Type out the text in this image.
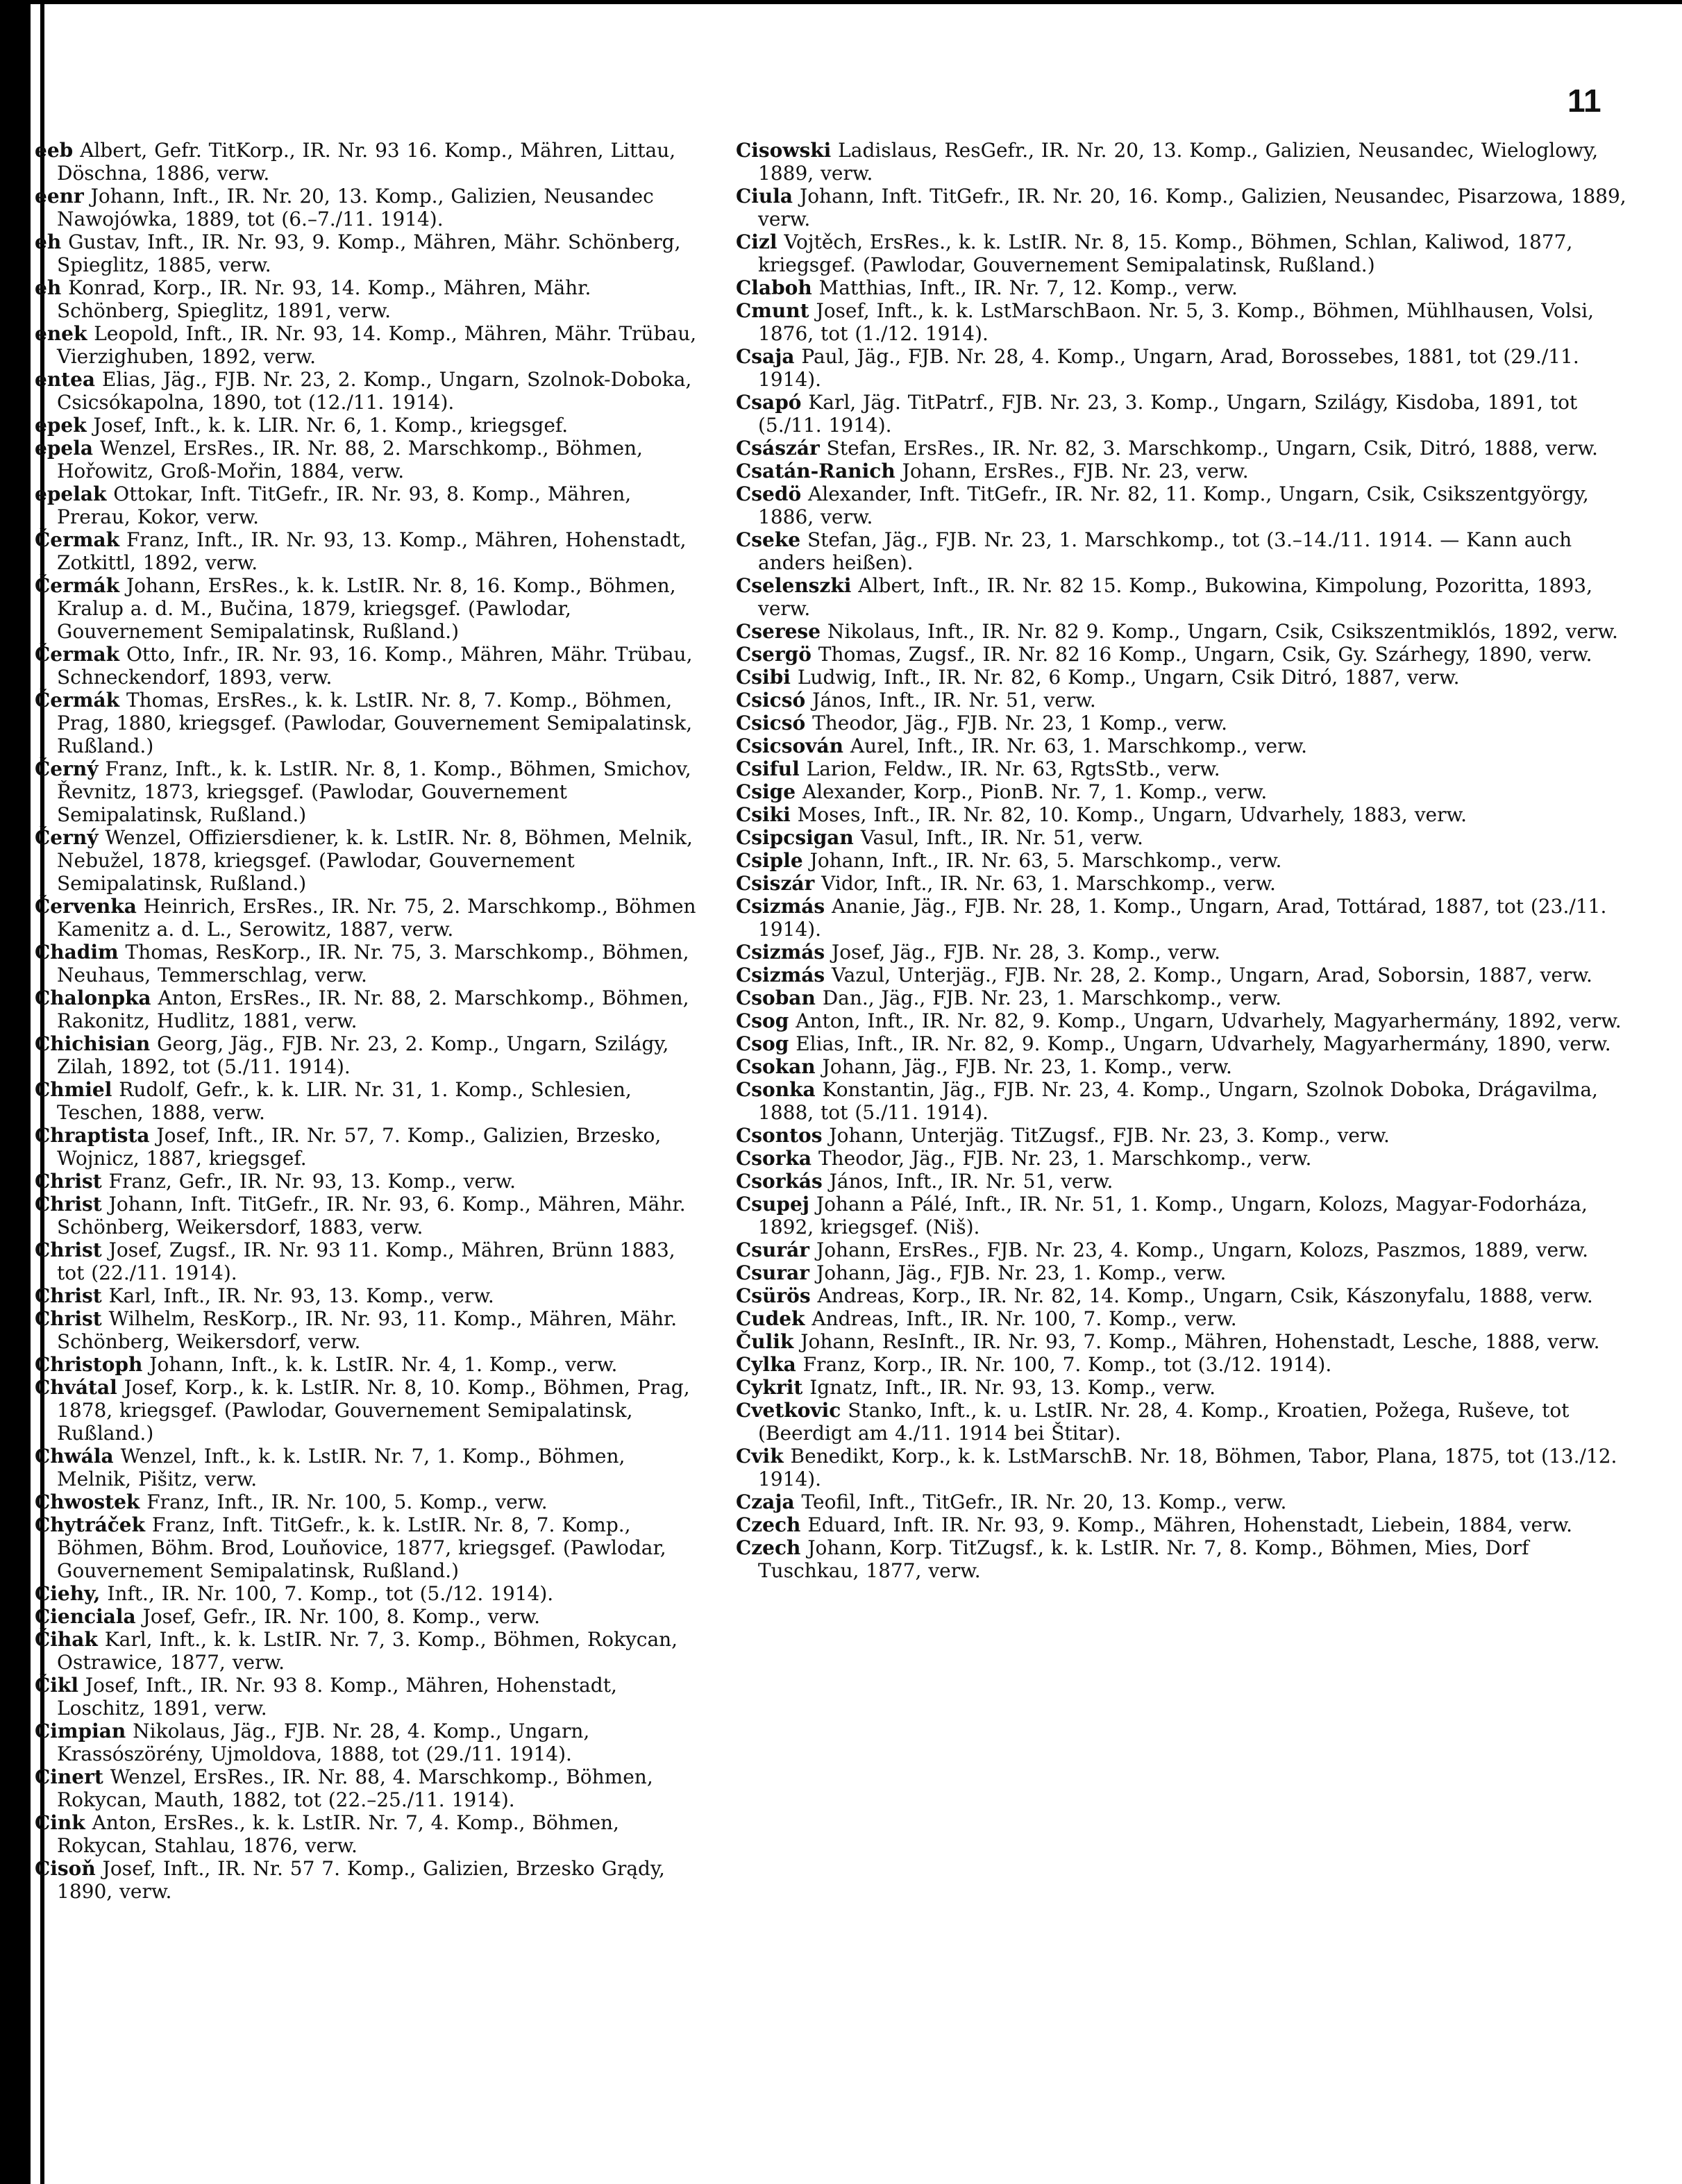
11

eeb Albert, Gefr. TitKorp., IR. Nr. 93 16. Komp., Mähren, Littau, Döschna, 1886, verw.

eenr Johann, Inft., IR. Nr. 20, 13. Komp., Galizien, Neusandec Nawojówka, 1889, tot (6.–7./11. 1914).

eh Gustav, Inft., IR. Nr. 93, 9. Komp., Mähren, Mähr. Schönberg, Spieglitz, 1885, verw.

eh Konrad, Korp., IR. Nr. 93, 14. Komp., Mähren, Mähr. Schönberg, Spieglitz, 1891, verw.

enek Leopold, Inft., IR. Nr. 93, 14. Komp., Mähren, Mähr. Trübau, Vierzighuben, 1892, verw.

entea Elias, Jäg., FJB. Nr. 23, 2. Komp., Ungarn, Szolnok-Doboka, Csicsókapolna, 1890, tot (12./11. 1914).

epek Josef, Inft., k. k. LIR. Nr. 6, 1. Komp., kriegsgef.

epela Wenzel, ErsRes., IR. Nr. 88, 2. Marschkomp., Böhmen, Hořowitz, Groß-Mořin, 1884, verw.

epelak Ottokar, Inft. TitGefr., IR. Nr. 93, 8. Komp., Mähren, Prerau, Kokor, verw.

Čermak Franz, Inft., IR. Nr. 93, 13. Komp., Mähren, Hohenstadt, Zotkittl, 1892, verw.

Čermák Johann, ErsRes., k. k. LstIR. Nr. 8, 16. Komp., Böhmen, Kralup a. d. M., Bučina, 1879, kriegsgef. (Pawlodar, Gouvernement Semipalatinsk, Rußland.)

Čermak Otto, Infr., IR. Nr. 93, 16. Komp., Mähren, Mähr. Trübau, Schneckendorf, 1893, verw.

Čermák Thomas, ErsRes., k. k. LstIR. Nr. 8, 7. Komp., Böhmen, Prag, 1880, kriegsgef. (Pawlodar, Gouvernement Semipalatinsk, Rußland.)

Černý Franz, Inft., k. k. LstIR. Nr. 8, 1. Komp., Böhmen, Smichov, Řevnitz, 1873, kriegsgef. (Pawlodar, Gouvernement Semipalatinsk, Rußland.)

Černý Wenzel, Offiziersdiener, k. k. LstIR. Nr. 8, Böhmen, Melnik, Nebužel, 1878, kriegsgef. (Pawlodar, Gouvernement Semipalatinsk, Rußland.)

Červenka Heinrich, ErsRes., IR. Nr. 75, 2. Marschkomp., Böhmen Kamenitz a. d. L., Serowitz, 1887, verw.

Chadim Thomas, ResKorp., IR. Nr. 75, 3. Marschkomp., Böhmen, Neuhaus, Temmerschlag, verw.

Chalonpka Anton, ErsRes., IR. Nr. 88, 2. Marschkomp., Böhmen, Rakonitz, Hudlitz, 1881, verw.

Chichisian Georg, Jäg., FJB. Nr. 23, 2. Komp., Ungarn, Szilágy, Zilah, 1892, tot (5./11. 1914).

Chmiel Rudolf, Gefr., k. k. LIR. Nr. 31, 1. Komp., Schlesien, Teschen, 1888, verw.

Chraptista Josef, Inft., IR. Nr. 57, 7. Komp., Galizien, Brzesko, Wojnicz, 1887, kriegsgef.

Christ Franz, Gefr., IR. Nr. 93, 13. Komp., verw.

Christ Johann, Inft. TitGefr., IR. Nr. 93, 6. Komp., Mähren, Mähr. Schönberg, Weikersdorf, 1883, verw.

Christ Josef, Zugsf., IR. Nr. 93 11. Komp., Mähren, Brünn 1883, tot (22./11. 1914).

Christ Karl, Inft., IR. Nr. 93, 13. Komp., verw.

Christ Wilhelm, ResKorp., IR. Nr. 93, 11. Komp., Mähren, Mähr. Schönberg, Weikersdorf, verw.

Christoph Johann, Inft., k. k. LstIR. Nr. 4, 1. Komp., verw.

Chvátal Josef, Korp., k. k. LstIR. Nr. 8, 10. Komp., Böhmen, Prag, 1878, kriegsgef. (Pawlodar, Gouvernement Semipalatinsk, Rußland.)

Chwála Wenzel, Inft., k. k. LstIR. Nr. 7, 1. Komp., Böhmen, Melnik, Pišitz, verw.

Chwostek Franz, Inft., IR. Nr. 100, 5. Komp., verw.

Chytráček Franz, Inft. TitGefr., k. k. LstIR. Nr. 8, 7. Komp., Böhmen, Böhm. Brod, Louňovice, 1877, kriegsgef. (Pawlodar, Gouvernement Semipalatinsk, Rußland.)

Ciehy, Inft., IR. Nr. 100, 7. Komp., tot (5./12. 1914).

Cienciala Josef, Gefr., IR. Nr. 100, 8. Komp., verw.

Čihak Karl, Inft., k. k. LstIR. Nr. 7, 3. Komp., Böhmen, Rokycan, Ostrawice, 1877, verw.

Čikl Josef, Inft., IR. Nr. 93 8. Komp., Mähren, Hohenstadt, Loschitz, 1891, verw.

Cimpian Nikolaus, Jäg., FJB. Nr. 28, 4. Komp., Ungarn, Krassószörény, Ujmoldova, 1888, tot (29./11. 1914).

Cinert Wenzel, ErsRes., IR. Nr. 88, 4. Marschkomp., Böhmen, Rokycan, Mauth, 1882, tot (22.–25./11. 1914).

Cink Anton, ErsRes., k. k. LstIR. Nr. 7, 4. Komp., Böhmen, Rokycan, Stahlau, 1876, verw.

Cisoň Josef, Inft., IR. Nr. 57 7. Komp., Galizien, Brzesko Grądy, 1890, verw.

Cisowski Ladislaus, ResGefr., IR. Nr. 20, 13. Komp., Galizien, Neusandec, Wieloglowy, 1889, verw.

Ciula Johann, Inft. TitGefr., IR. Nr. 20, 16. Komp., Galizien, Neusandec, Pisarzowa, 1889, verw.

Cizl Vojtěch, ErsRes., k. k. LstIR. Nr. 8, 15. Komp., Böhmen, Schlan, Kaliwod, 1877, kriegsgef. (Pawlodar, Gouvernement Semipalatinsk, Rußland.)

Claboh Matthias, Inft., IR. Nr. 7, 12. Komp., verw.

Cmunt Josef, Inft., k. k. LstMarschBaon. Nr. 5, 3. Komp., Böhmen, Mühlhausen, Volsi, 1876, tot (1./12. 1914).

Csaja Paul, Jäg., FJB. Nr. 28, 4. Komp., Ungarn, Arad, Borossebes, 1881, tot (29./11. 1914).

Csapó Karl, Jäg. TitPatrf., FJB. Nr. 23, 3. Komp., Ungarn, Szilágy, Kisdoba, 1891, tot (5./11. 1914).

Császár Stefan, ErsRes., IR. Nr. 82, 3. Marschkomp., Ungarn, Csik, Ditró, 1888, verw.

Csatán-Ranich Johann, ErsRes., FJB. Nr. 23, verw.

Csedö Alexander, Inft. TitGefr., IR. Nr. 82, 11. Komp., Ungarn, Csik, Csikszentgyörgy, 1886, verw.

Cseke Stefan, Jäg., FJB. Nr. 23, 1. Marschkomp., tot (3.–14./11. 1914. — Kann auch anders heißen).

Cselenszki Albert, Inft., IR. Nr. 82 15. Komp., Bukowina, Kimpolung, Pozoritta, 1893, verw.

Cserese Nikolaus, Inft., IR. Nr. 82 9. Komp., Ungarn, Csik, Csikszentmiklós, 1892, verw.

Csergö Thomas, Zugsf., IR. Nr. 82 16 Komp., Ungarn, Csik, Gy. Szárhegy, 1890, verw.

Csibi Ludwig, Inft., IR. Nr. 82, 6 Komp., Ungarn, Csik Ditró, 1887, verw.

Csicsó János, Inft., IR. Nr. 51, verw.

Csicsó Theodor, Jäg., FJB. Nr. 23, 1 Komp., verw.

Csicsován Aurel, Inft., IR. Nr. 63, 1. Marschkomp., verw.

Csiful Larion, Feldw., IR. Nr. 63, RgtsStb., verw.

Csige Alexander, Korp., PionB. Nr. 7, 1. Komp., verw.

Csiki Moses, Inft., IR. Nr. 82, 10. Komp., Ungarn, Udvarhely, 1883, verw.

Csipcsigan Vasul, Inft., IR. Nr. 51, verw.

Csiple Johann, Inft., IR. Nr. 63, 5. Marschkomp., verw.

Csiszár Vidor, Inft., IR. Nr. 63, 1. Marschkomp., verw.

Csizmás Ananie, Jäg., FJB. Nr. 28, 1. Komp., Ungarn, Arad, Tottárad, 1887, tot (23./11. 1914).

Csizmás Josef, Jäg., FJB. Nr. 28, 3. Komp., verw.

Csizmás Vazul, Unterjäg., FJB. Nr. 28, 2. Komp., Ungarn, Arad, Soborsin, 1887, verw.

Csoban Dan., Jäg., FJB. Nr. 23, 1. Marschkomp., verw.

Csog Anton, Inft., IR. Nr. 82, 9. Komp., Ungarn, Udvarhely, Magyarhermány, 1892, verw.

Csog Elias, Inft., IR. Nr. 82, 9. Komp., Ungarn, Udvarhely, Magyarhermány, 1890, verw.

Csokan Johann, Jäg., FJB. Nr. 23, 1. Komp., verw.

Csonka Konstantin, Jäg., FJB. Nr. 23, 4. Komp., Ungarn, Szolnok Doboka, Drágavilma, 1888, tot (5./11. 1914).

Csontos Johann, Unterjäg. TitZugsf., FJB. Nr. 23, 3. Komp., verw.

Csorka Theodor, Jäg., FJB. Nr. 23, 1. Marschkomp., verw.

Csorkás János, Inft., IR. Nr. 51, verw.

Csupej Johann a Pálé, Inft., IR. Nr. 51, 1. Komp., Ungarn, Kolozs, Magyar-Fodorháza, 1892, kriegsgef. (Niš).

Csurár Johann, ErsRes., FJB. Nr. 23, 4. Komp., Ungarn, Kolozs, Paszmos, 1889, verw.

Csurar Johann, Jäg., FJB. Nr. 23, 1. Komp., verw.

Csürös Andreas, Korp., IR. Nr. 82, 14. Komp., Ungarn, Csik, Kászonyfalu, 1888, verw.

Cudek Andreas, Inft., IR. Nr. 100, 7. Komp., verw.

Čulik Johann, ResInft., IR. Nr. 93, 7. Komp., Mähren, Hohenstadt, Lesche, 1888, verw.

Cylka Franz, Korp., IR. Nr. 100, 7. Komp., tot (3./12. 1914).

Cykrit Ignatz, Inft., IR. Nr. 93, 13. Komp., verw.

Cvetkovic Stanko, Inft., k. u. LstIR. Nr. 28, 4. Komp., Kroatien, Požega, Ruševe, tot (Beerdigt am 4./11. 1914 bei Štitar).

Cvik Benedikt, Korp., k. k. LstMarschB. Nr. 18, Böhmen, Tabor, Plana, 1875, tot (13./12. 1914).

Czaja Teofil, Inft., TitGefr., IR. Nr. 20, 13. Komp., verw.

Czech Eduard, Inft. IR. Nr. 93, 9. Komp., Mähren, Hohenstadt, Liebein, 1884, verw.

Czech Johann, Korp. TitZugsf., k. k. LstIR. Nr. 7, 8. Komp., Böhmen, Mies, Dorf Tuschkau, 1877, verw.
